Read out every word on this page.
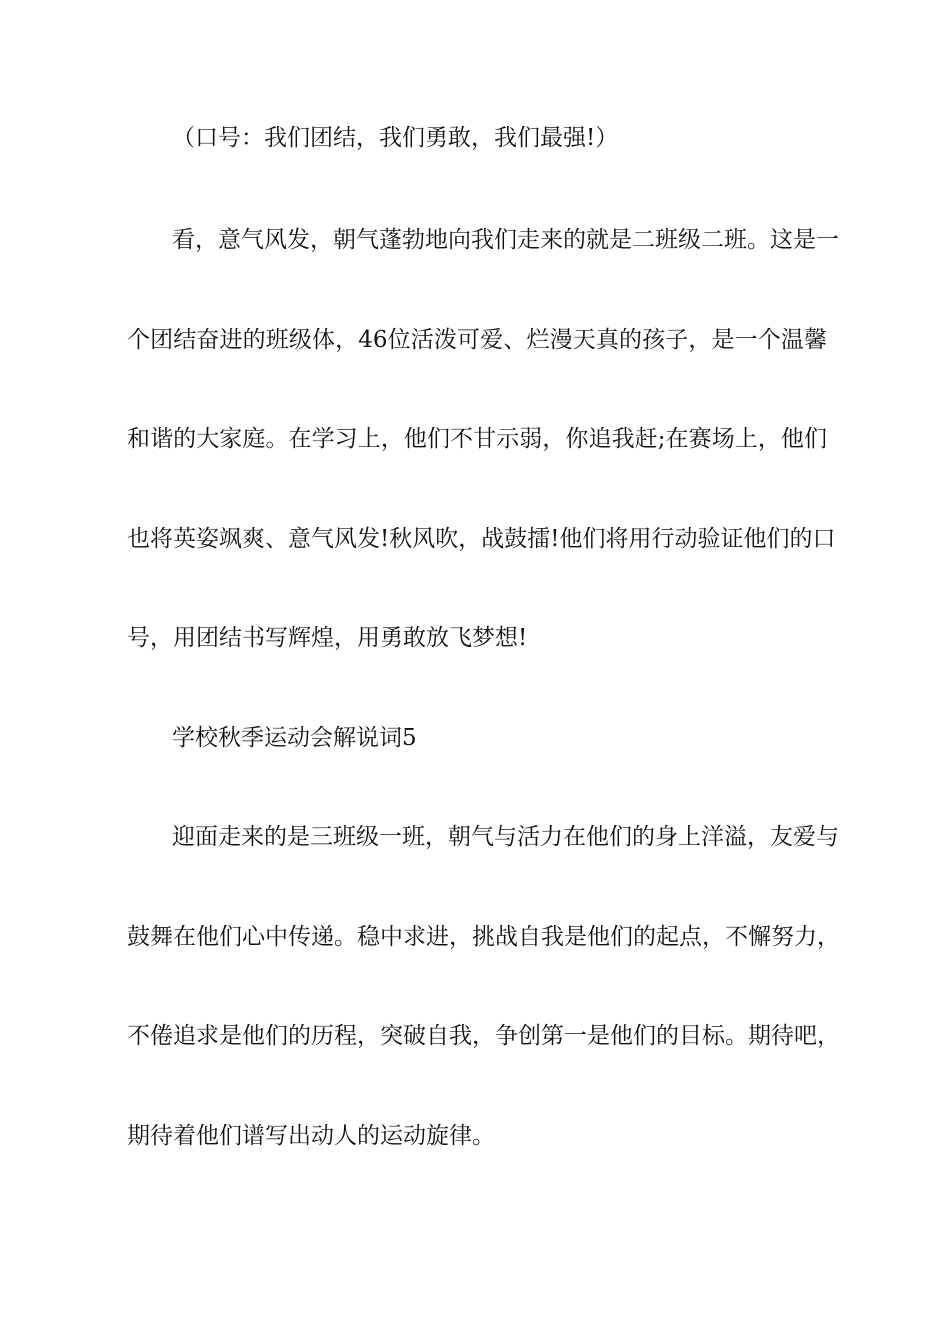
（口号：我们团结，我们勇敢，我们最强!）
看，意气风发，朝气蓬勃地向我们走来的就是二班级二班。这是一
个团结奋进的班级体，46位活泼可爱、烂漫天真的孩子，是一个温馨
和谐的大家庭。在学习上，他们不甘示弱，你追我赶;在赛场上，他们
也将英姿飒爽、意气风发!秋风吹，战鼓擂!他们将用行动验证他们的口
号，用团结书写辉煌，用勇敢放飞梦想!
学校秋季运动会解说词5
迎面走来的是三班级一班，朝气与活力在他们的身上洋溢，友爱与
鼓舞在他们心中传递。稳中求进，挑战自我是他们的起点，不懈努力，
不倦追求是他们的历程，突破自我，争创第一是他们的目标。期待吧，
期待着他们谱写出动人的运动旋律。
